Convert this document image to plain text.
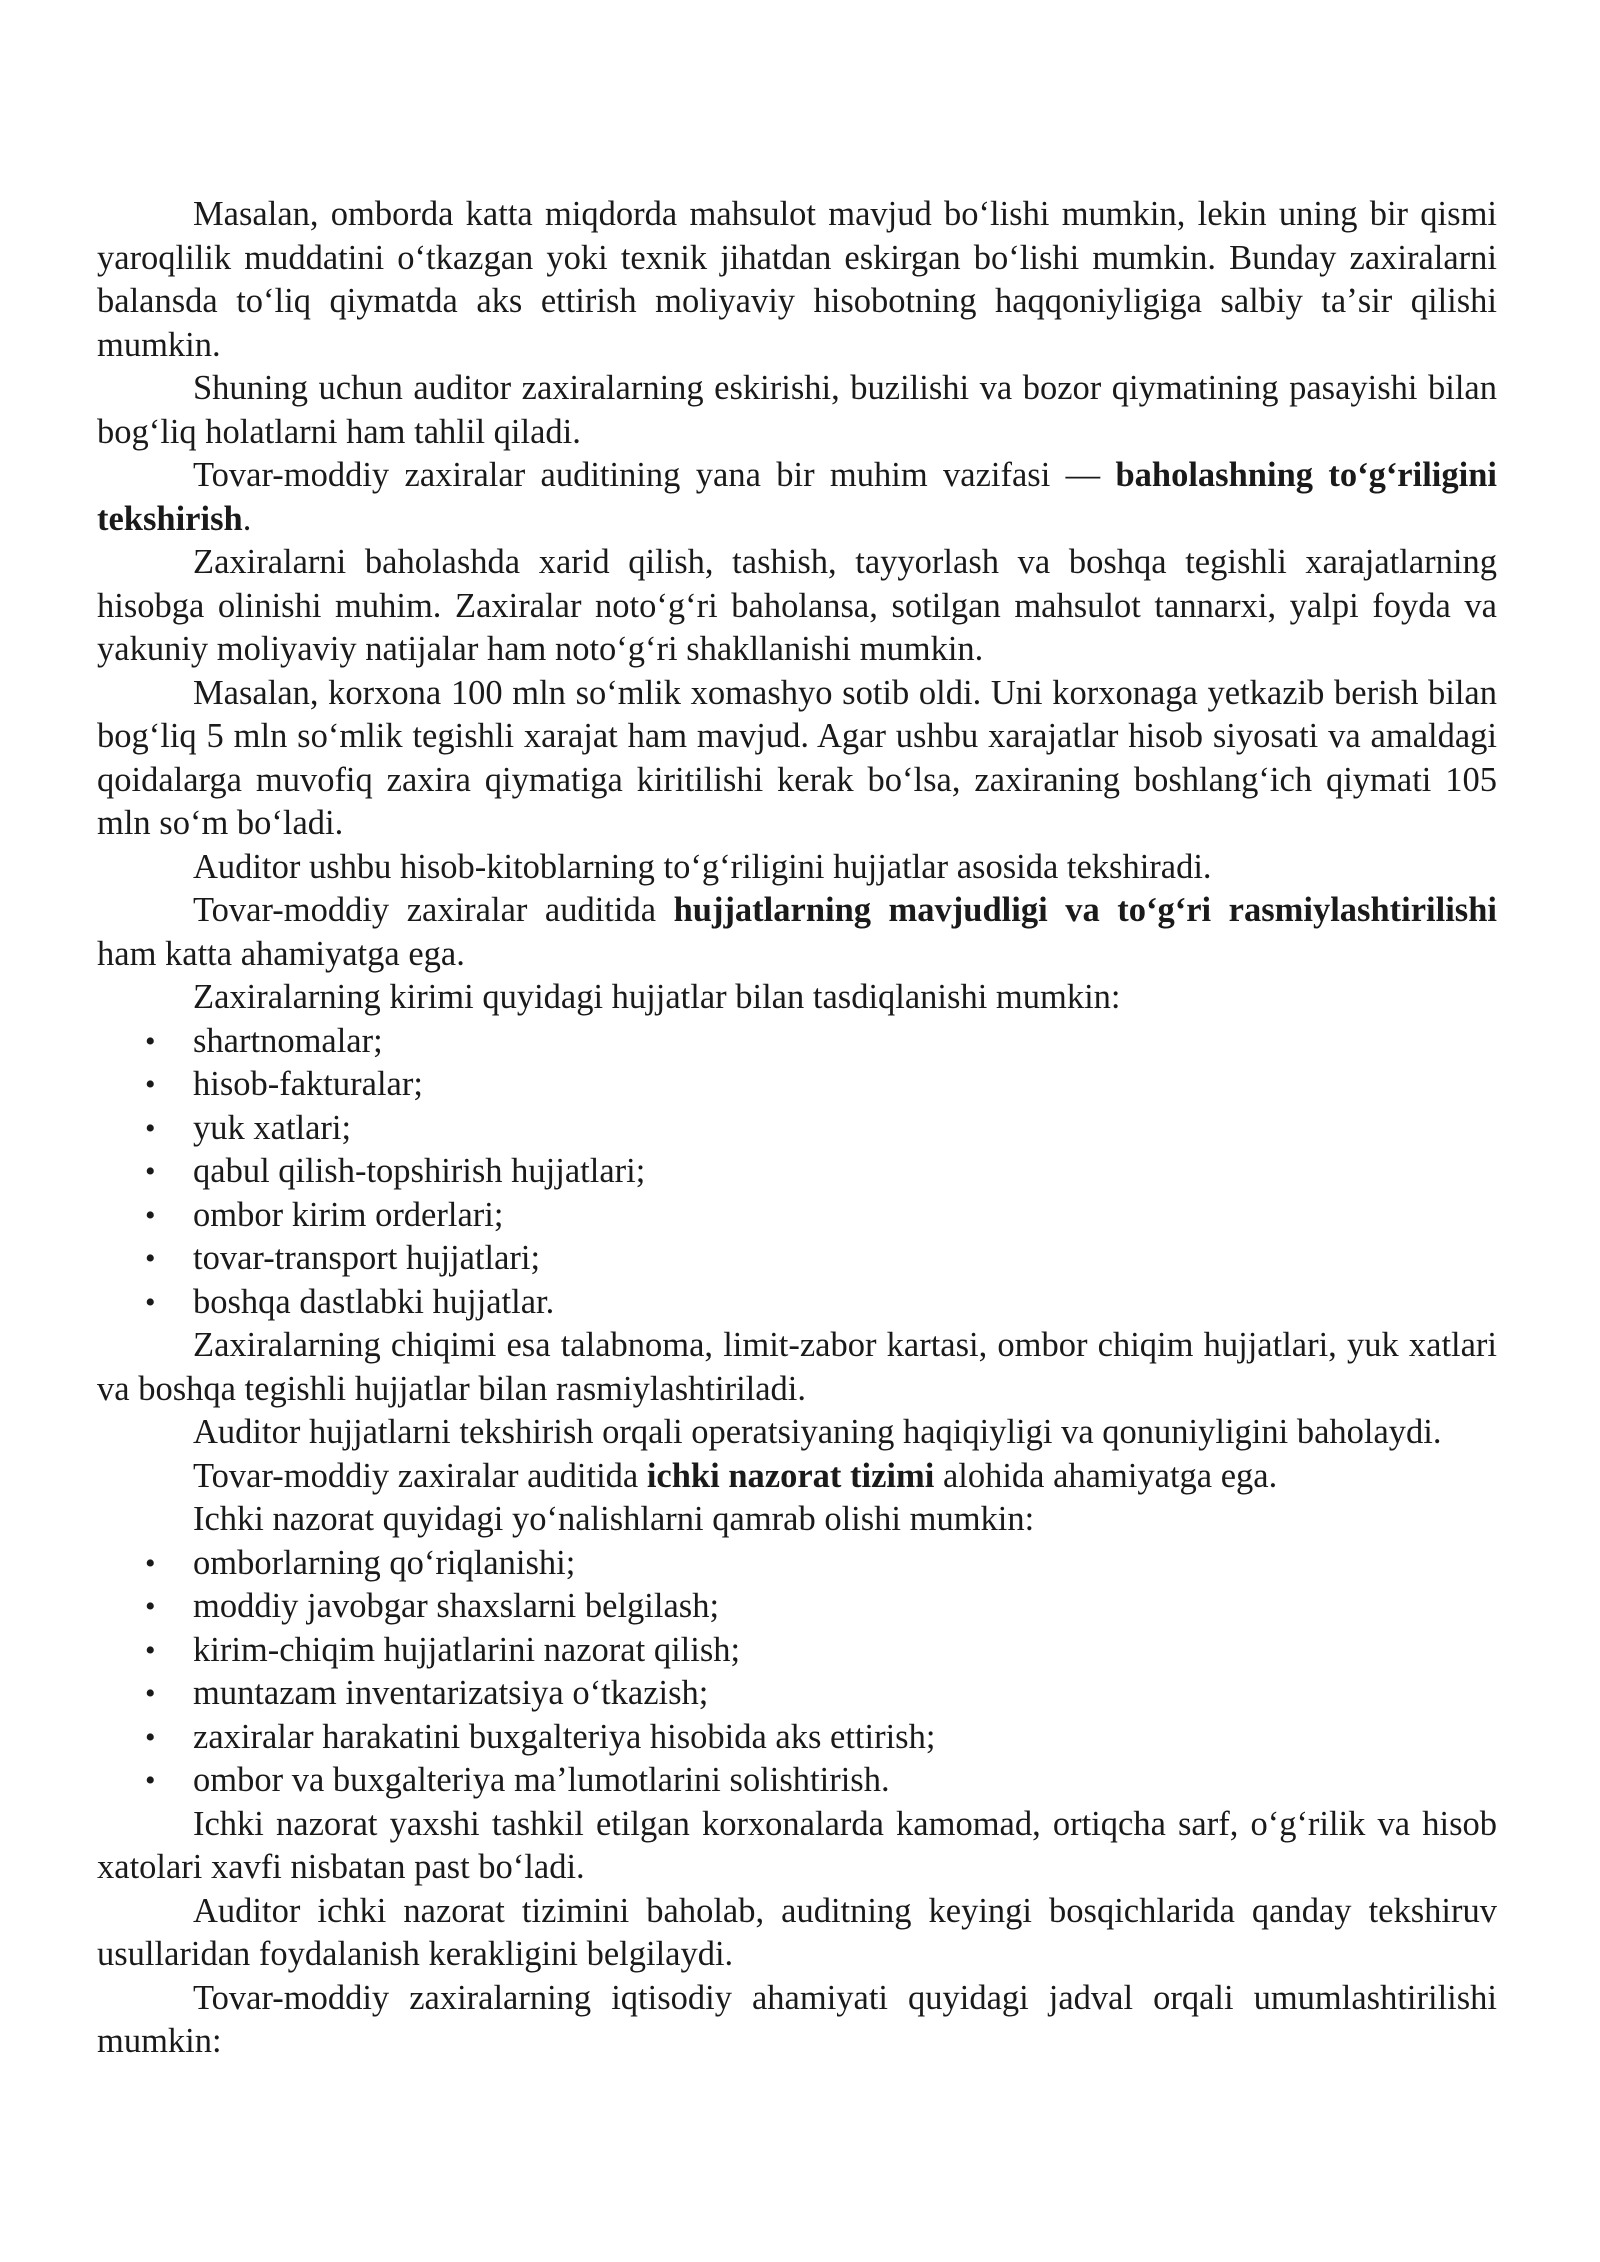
Masalan, omborda katta miqdorda mahsulot mavjud boʻlishi mumkin, lekin uning bir qismi yaroqlilik muddatini oʻtkazgan yoki texnik jihatdan eskirgan boʻlishi mumkin. Bunday zaxiralarni balansda toʻliq qiymatda aks ettirish moliyaviy hisobotning haqqoniyligiga salbiy taʼsir qilishi mumkin.

Shuning uchun auditor zaxiralarning eskirishi, buzilishi va bozor qiymatining pasayishi bilan bogʻliq holatlarni ham tahlil qiladi.

Tovar-moddiy zaxiralar auditining yana bir muhim vazifasi — baholashning toʻgʻriligini tekshirish.

Zaxiralarni baholashda xarid qilish, tashish, tayyorlash va boshqa tegishli xarajatlarning hisobga olinishi muhim. Zaxiralar notoʻgʻri baholansa, sotilgan mahsulot tannarxi, yalpi foyda va yakuniy moliyaviy natijalar ham notoʻgʻri shakllanishi mumkin.

Masalan, korxona 100 mln soʻmlik xomashyo sotib oldi. Uni korxonaga yetkazib berish bilan bogʻliq 5 mln soʻmlik tegishli xarajat ham mavjud. Agar ushbu xarajatlar hisob siyosati va amaldagi qoidalarga muvofiq zaxira qiymatiga kiritilishi kerak boʻlsa, zaxiraning boshlangʻich qiymati 105 mln soʻm boʻladi.

Auditor ushbu hisob-kitoblarning toʻgʻriligini hujjatlar asosida tekshiradi.

Tovar-moddiy zaxiralar auditida hujjatlarning mavjudligi va toʻgʻri rasmiylashtirilishi ham katta ahamiyatga ega.

Zaxiralarning kirimi quyidagi hujjatlar bilan tasdiqlanishi mumkin:

• shartnomalar;
• hisob-fakturalar;
• yuk xatlari;
• qabul qilish-topshirish hujjatlari;
• ombor kirim orderlari;
• tovar-transport hujjatlari;
• boshqa dastlabki hujjatlar.

Zaxiralarning chiqimi esa talabnoma, limit-zabor kartasi, ombor chiqim hujjatlari, yuk xatlari va boshqa tegishli hujjatlar bilan rasmiylashtiriladi.

Auditor hujjatlarni tekshirish orqali operatsiyaning haqiqiyligi va qonuniyligini baholaydi.

Tovar-moddiy zaxiralar auditida ichki nazorat tizimi alohida ahamiyatga ega.

Ichki nazorat quyidagi yoʻnalishlarni qamrab olishi mumkin:

• omborlarning qoʻriqlanishi;
• moddiy javobgar shaxslarni belgilash;
• kirim-chiqim hujjatlarini nazorat qilish;
• muntazam inventarizatsiya oʻtkazish;
• zaxiralar harakatini buxgalteriya hisobida aks ettirish;
• ombor va buxgalteriya maʼlumotlarini solishtirish.

Ichki nazorat yaxshi tashkil etilgan korxonalarda kamomad, ortiqcha sarf, oʻgʻrilik va hisob xatolari xavfi nisbatan past boʻladi.

Auditor ichki nazorat tizimini baholab, auditning keyingi bosqichlarida qanday tekshiruv usullaridan foydalanish kerakligini belgilaydi.

Tovar-moddiy zaxiralarning iqtisodiy ahamiyati quyidagi jadval orqali umumlashtirilishi mumkin:
